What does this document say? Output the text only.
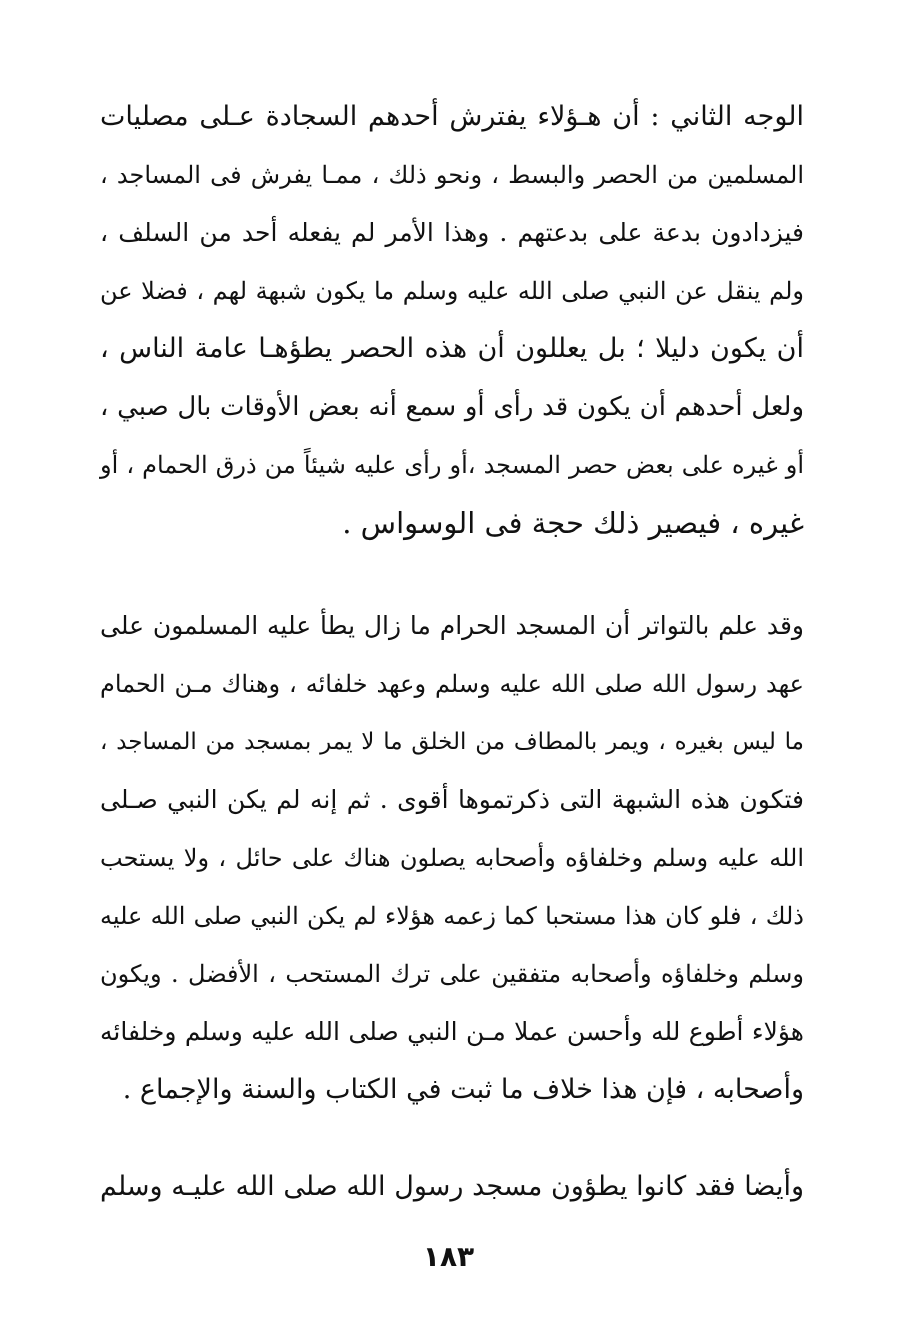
الوجه الثاني : أن هـؤلاء يفترش أحدهم السجادة عـلى مصليات
المسلمين من الحصر والبسط ، ونحو ذلك ، ممـا يفرش فى المساجد ،
فيزدادون بدعة على بدعتهم . وهذا الأمر لم يفعله أحد من السلف ،
ولم ينقل عن النبي صلى الله عليه وسلم ما يكون شبهة لهم ، فضلا عن
أن يكون دليلا ؛ بل يعللون أن هذه الحصر يطؤهـا عامة الناس ،
ولعل أحدهم أن يكون قد رأى أو سمع أنه بعض الأوقات بال صبي ،
أو غيره على بعض حصر المسجد ،أو رأى عليه شيئاً من ذرق الحمام ، أو
غيره ، فيصير ذلك حجة فى الوسواس .
وقد علم بالتواتر أن المسجد الحرام ما زال يطأ عليه المسلمون على
عهد رسول الله صلى الله عليه وسلم وعهد خلفائه ، وهناك مـن الحمام
ما ليس بغيره ، ويمر بالمطاف من الخلق ما لا يمر بمسجد من المساجد ،
فتكون هذه الشبهة التى ذكرتموها أقوى . ثم إنه لم يكن النبي صـلى
الله عليه وسلم وخلفاؤه وأصحابه يصلون هناك على حائل ، ولا يستحب
ذلك ، فلو كان هذا مستحبا كما زعمه هؤلاء لم يكن النبي صلى الله عليه
وسلم وخلفاؤه وأصحابه متفقين على ترك المستحب ، الأفضل . ويكون
هؤلاء أطوع لله وأحسن عملا مـن النبي صلى الله عليه وسلم وخلفائه
وأصحابه ، فإن هذا خلاف ما ثبت في الكتاب والسنة والإجماع .
وأيضا فقد كانوا يطؤون مسجد رسول الله صلى الله عليـه وسلم
١٨٣
